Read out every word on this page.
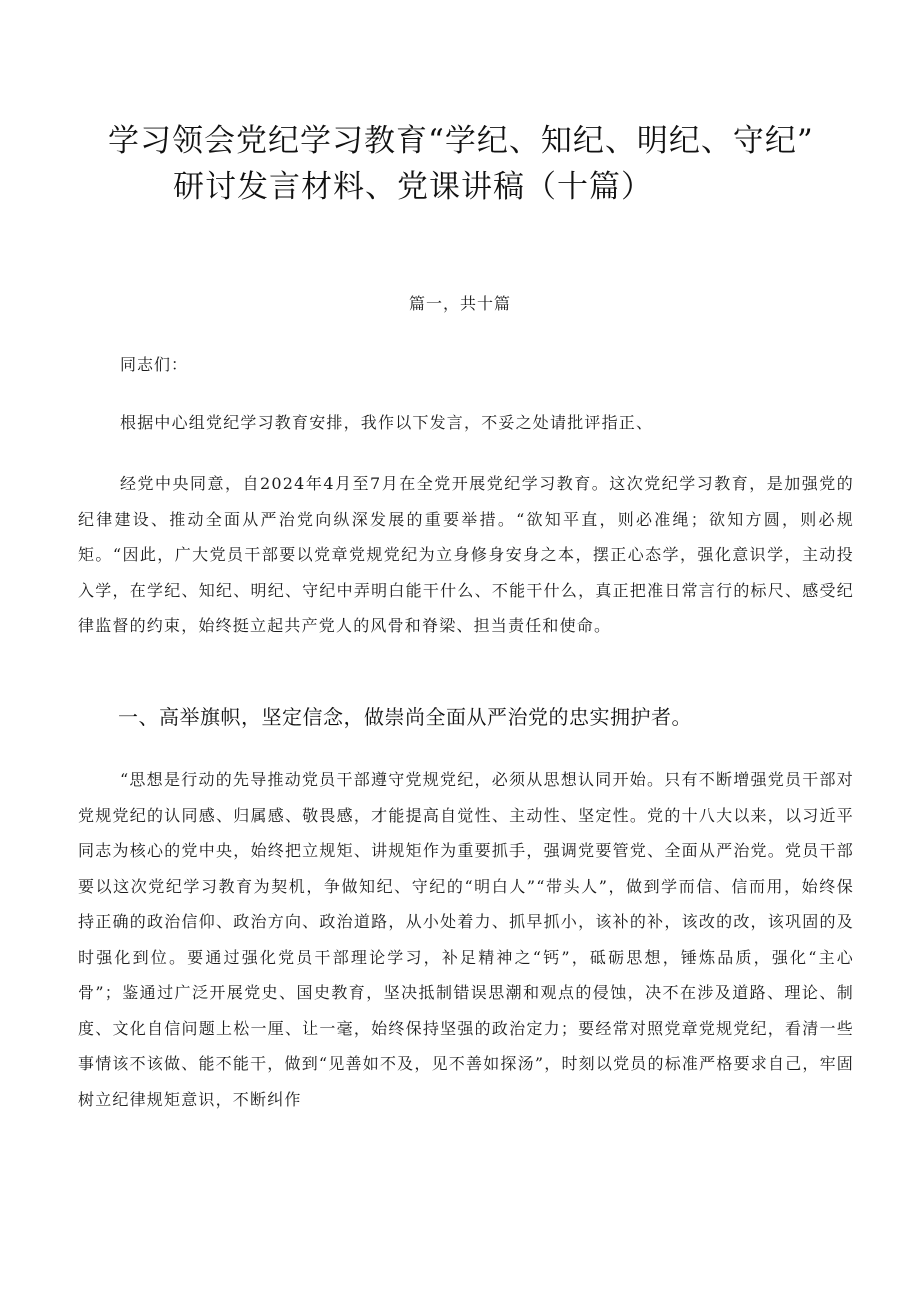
学习领会党纪学习教育“学纪、知纪、明纪、守纪”
研讨发言材料、党课讲稿（十篇）
篇一，共十篇
同志们：

根据中心组党纪学习教育安排，我作以下发言，不妥之处请批评指正、

经党中央同意，自2024年4月至7月在全党开展党纪学习教育。这次党纪学习教育，是加强党的纪律建设、推动全面从严治党向纵深发展的重要举措。“欲知平直，则必准绳；欲知方圆，则必规矩。“因此，广大党员干部要以党章党规党纪为立身修身安身之本，摆正心态学，强化意识学，主动投入学，在学纪、知纪、明纪、守纪中弄明白能干什么、不能干什么，真正把准日常言行的标尺、感受纪律监督的约束，始终挺立起共产党人的风骨和脊梁、担当责任和使命。

一、高举旗帜，坚定信念，做崇尚全面从严治党的忠实拥护者。

“思想是行动的先导推动党员干部遵守党规党纪，必须从思想认同开始。只有不断增强党员干部对党规党纪的认同感、归属感、敬畏感，才能提高自觉性、主动性、坚定性。党的十八大以来，以习近平同志为核心的党中央，始终把立规矩、讲规矩作为重要抓手，强调党要管党、全面从严治党。党员干部要以这次党纪学习教育为契机，争做知纪、守纪的“明白人”“带头人”，做到学而信、信而用，始终保持正确的政治信仰、政治方向、政治道路，从小处着力、抓早抓小，该补的补，该改的改，该巩固的及时强化到位。要通过强化党员干部理论学习，补足精神之“钙”，砥砺思想，锤炼品质，强化“主心骨”；鉴通过广泛开展党史、国史教育，坚决抵制错误思潮和观点的侵蚀，决不在涉及道路、理论、制度、文化自信问题上松一厘、让一毫，始终保持坚强的政治定力；要经常对照党章党规党纪，看清一些事情该不该做、能不能干，做到“见善如不及，见不善如探汤”，时刻以党员的标准严格要求自己，牢固树立纪律规矩意识，不断纠作
